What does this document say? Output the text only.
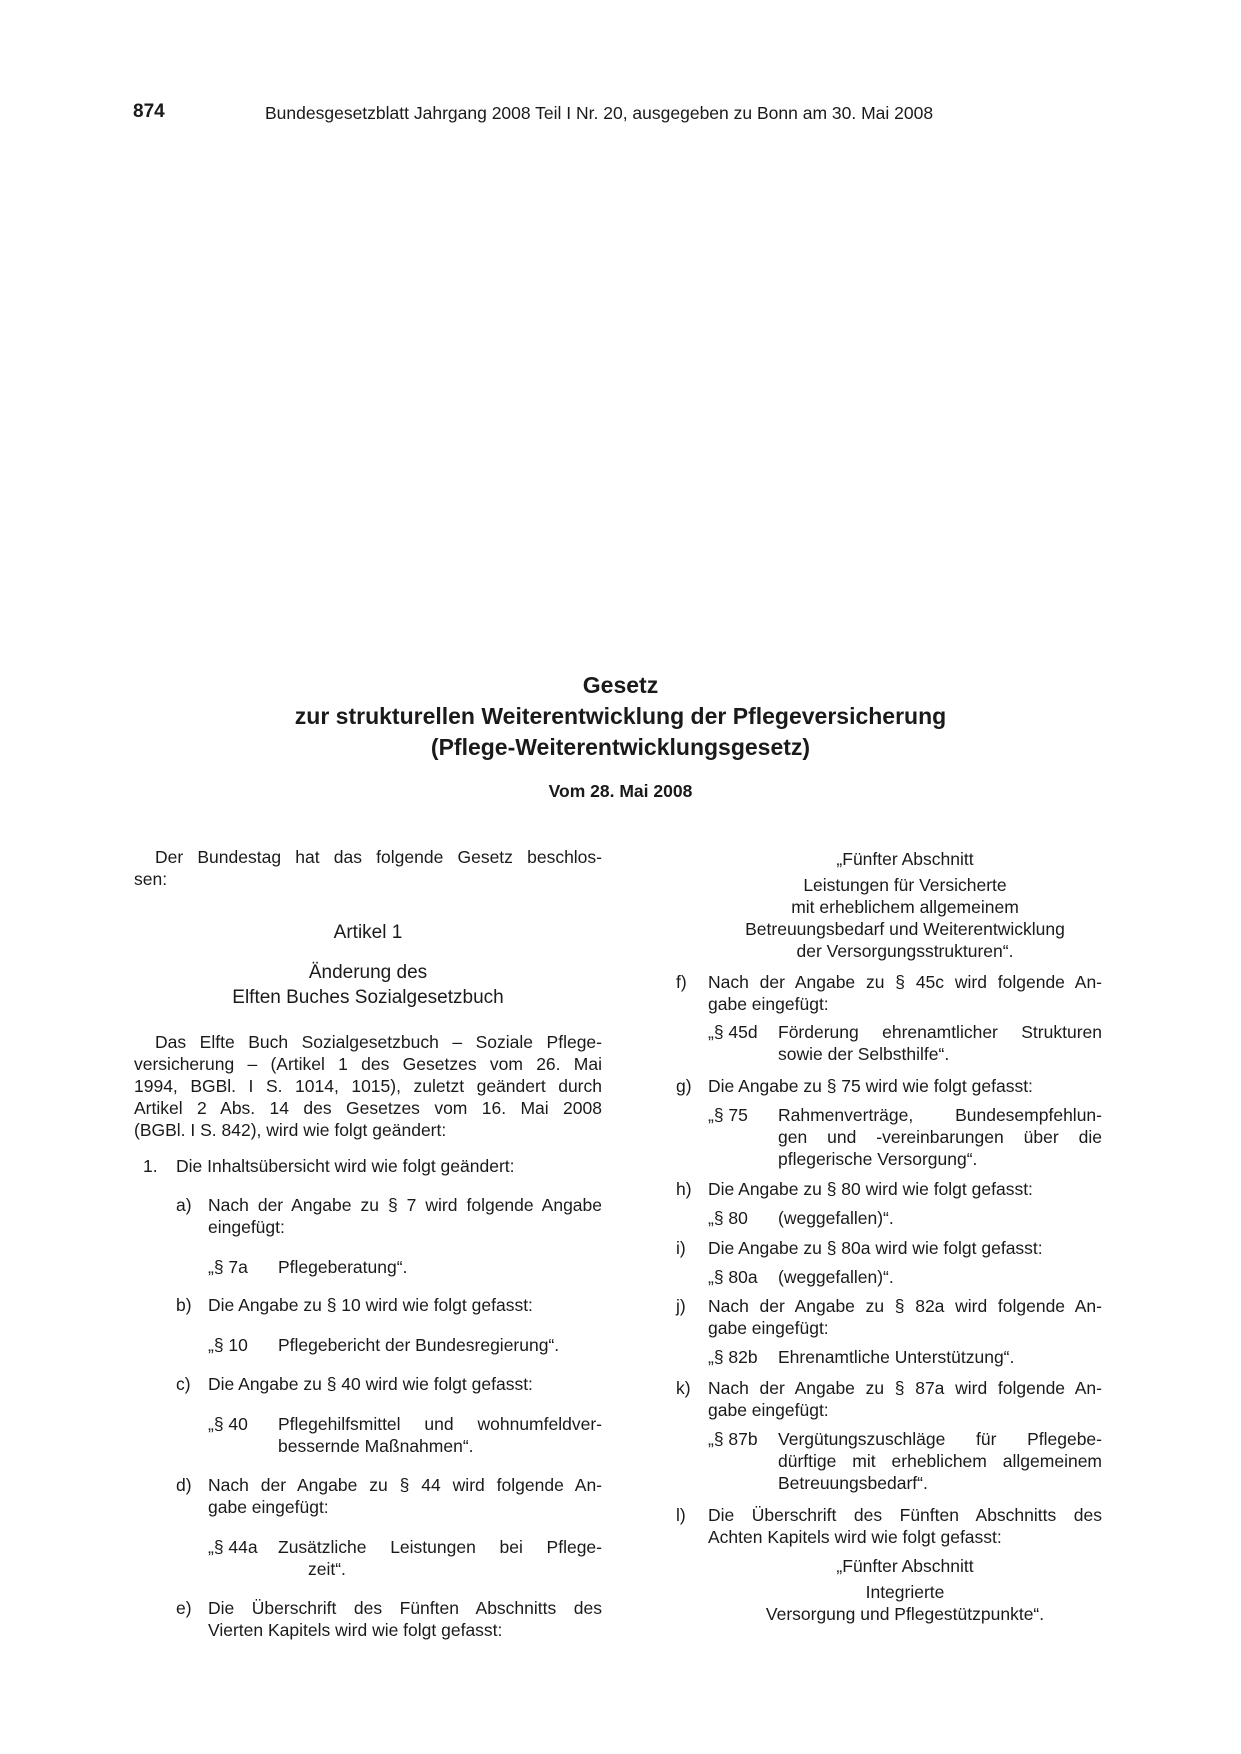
874	Bundesgesetzblatt Jahrgang 2008 Teil I Nr. 20, ausgegeben zu Bonn am 30. Mai 2008
Gesetz
zur strukturellen Weiterentwicklung der Pflegeversicherung
(Pflege-Weiterentwicklungsgesetz)
Vom 28. Mai 2008
Der Bundestag hat das folgende Gesetz beschlos-
sen:
Artikel 1
Änderung des
Elften Buches Sozialgesetzbuch
Das Elfte Buch Sozialgesetzbuch – Soziale Pflege-
versicherung – (Artikel 1 des Gesetzes vom 26. Mai
1994, BGBl. I S. 1014, 1015), zuletzt geändert durch
Artikel 2 Abs. 14 des Gesetzes vom 16. Mai 2008
(BGBl. I S. 842), wird wie folgt geändert:
1. Die Inhaltsübersicht wird wie folgt geändert:
a) Nach der Angabe zu § 7 wird folgende Angabe
eingefügt:
„§ 7a Pflegeberatung“.
b) Die Angabe zu § 10 wird wie folgt gefasst:
„§ 10 Pflegebericht der Bundesregierung“.
c) Die Angabe zu § 40 wird wie folgt gefasst:
„§ 40 Pflegehilfsmittel und wohnumfeldver-
bessernde Maßnahmen“.
d) Nach der Angabe zu § 44 wird folgende An-
gabe eingefügt:
„§ 44a Zusätzliche Leistungen bei Pflege-
zeit“.
e) Die Überschrift des Fünften Abschnitts des
Vierten Kapitels wird wie folgt gefasst:
„Fünfter Abschnitt
Leistungen für Versicherte
mit erheblichem allgemeinem
Betreuungsbedarf und Weiterentwicklung
der Versorgungsstrukturen“.
f) Nach der Angabe zu § 45c wird folgende An-
gabe eingefügt:
„§ 45d Förderung ehrenamtlicher Strukturen
sowie der Selbsthilfe“.
g) Die Angabe zu § 75 wird wie folgt gefasst:
„§ 75 Rahmenverträge, Bundesempfehlun-
gen und -vereinbarungen über die
pflegerische Versorgung“.
h) Die Angabe zu § 80 wird wie folgt gefasst:
„§ 80 (weggefallen)“.
i) Die Angabe zu § 80a wird wie folgt gefasst:
„§ 80a (weggefallen)“.
j) Nach der Angabe zu § 82a wird folgende An-
gabe eingefügt:
„§ 82b Ehrenamtliche Unterstützung“.
k) Nach der Angabe zu § 87a wird folgende An-
gabe eingefügt:
„§ 87b Vergütungszuschläge für Pflegebe-
dürftige mit erheblichem allgemeinem
Betreuungsbedarf“.
l) Die Überschrift des Fünften Abschnitts des
Achten Kapitels wird wie folgt gefasst:
„Fünfter Abschnitt
Integrierte
Versorgung und Pflegestützpunkte“.
